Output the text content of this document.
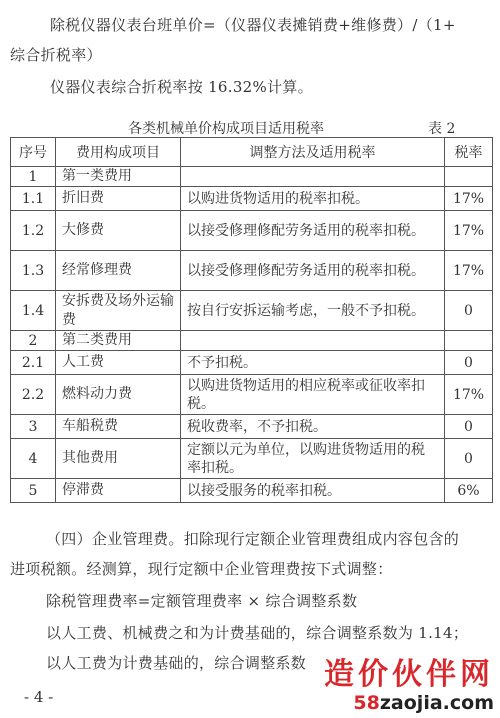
除税仪器仪表台班单价=（仪器仪表摊销费+维修费）/（1+
综合折税率）
仪器仪表综合折税率按 16.32%计算。
各类机械单价构成项目适用税率	表 2
序号	费用构成项目	调整方法及适用税率	税率
1	第一类费用		
1.1	折旧费	以购进货物适用的税率扣税。	17%
1.2	大修费	以接受修理修配劳务适用的税率扣税。	17%
1.3	经常修理费	以接受修理修配劳务适用的税率扣税。	17%
1.4	安拆费及场外运输费	按自行安拆运输考虑，一般不予扣税。	0
2	第二类费用		
2.1	人工费	不予扣税。	0
2.2	燃料动力费	以购进货物适用的相应税率或征收率扣税。	17%
3	车船税费	税收费率，不予扣税。	0
4	其他费用	定额以元为单位，以购进货物适用的税率扣税。	0
5	停滞费	以接受服务的税率扣税。	6%
（四）企业管理费。扣除现行定额企业管理费组成内容包含的
进项税额。经测算，现行定额中企业管理费按下式调整：
除税管理费率=定额管理费率 × 综合调整系数
以人工费、机械费之和为计费基础的，综合调整系数为 1.14；
以人工费为计费基础的，综合调整系数
- 4 -
造价伙伴网
58zaojia.com
